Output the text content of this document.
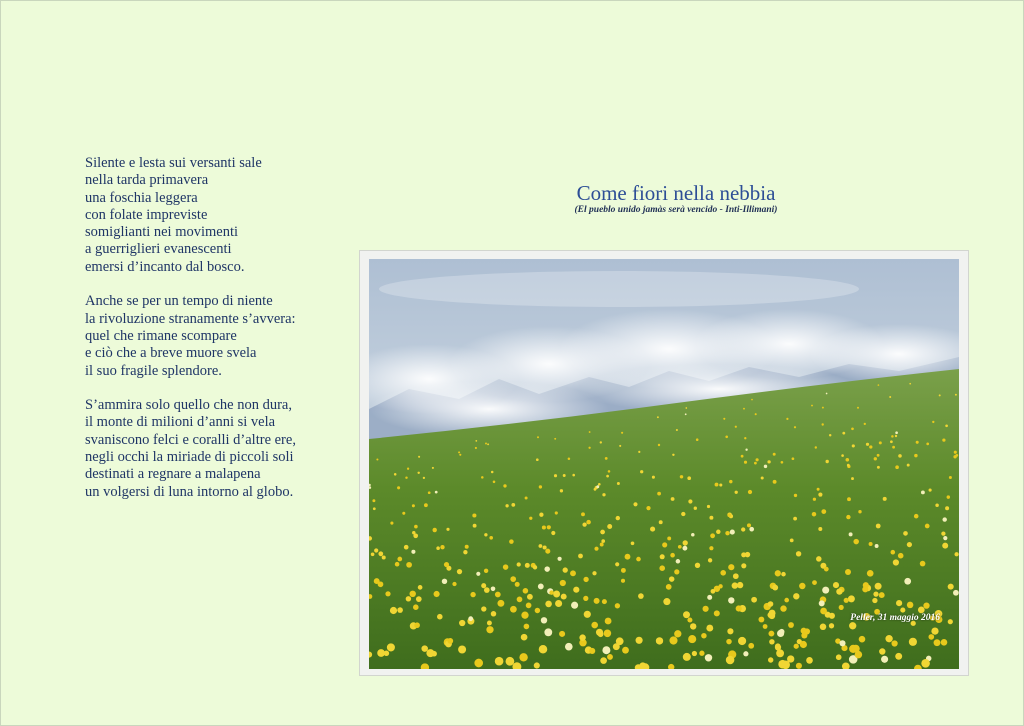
Silente e lesta sui versanti sale
nella tarda primavera
una foschia leggera
con folate impreviste
somiglianti nei movimenti
a guerriglieri evanescenti
emersi d’incanto dal bosco.
Anche se per un tempo di niente
la rivoluzione stranamente s’avvera:
quel che rimane scompare
e ciò che a breve muore svela
il suo fragile splendore.
S’ammira solo quello che non dura,
il monte di milioni d’anni si vela
svaniscono felci e coralli d’altre ere,
negli occhi la miriade di piccoli soli
destinati a regnare a malapena
un volgersi di luna intorno al globo.
Come fiori nella nebbia
(El pueblo unido jamàs serà vencido - Inti-Illimani)
Peller, 31 maggio 2016
